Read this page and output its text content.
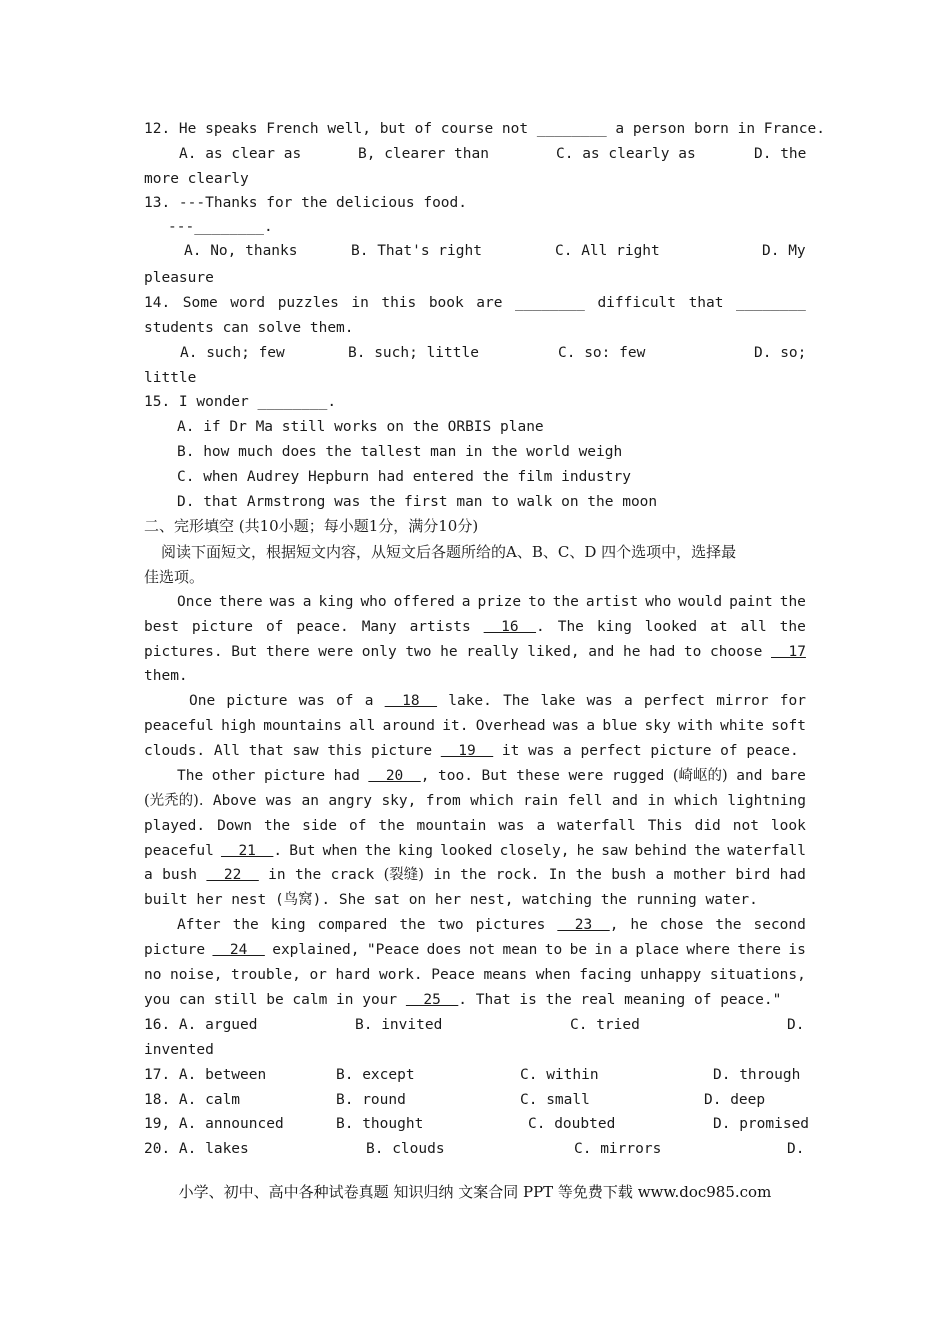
12. He speaks French well, but of course not ________ a person born in France.

A. as clear as

	B, clearer than

	C. as clearly as

	D. the

more clearly
13. ---Thanks for the delicious food.
---________.

A. No, thanks

	B. That's right

	C. All right

	D. My

pleasure
14. Some word puzzles in this book are ________ difficult that ________
students can solve them.

A. such; few

	B. such; little

	C. so: few

	D. so;

little
15. I wonder ________.
A. if Dr Ma still works on the ORBIS plane
B. how much does the tallest man in the world weigh
C. when Audrey Hepburn had entered the film industry
D. that Armstrong was the first man to walk on the moon
二、完形填空 (共10小题；每小题1分，满分10分)
阅读下面短文，根据短文内容，从短文后各题所给的A、B、C、D 四个选项中，选择最
佳选项。
Once there was a king who offered a prize to the artist who would paint the
best picture of peace. Many artists 16  . The king looked at all the
pictures. But there were only two he really liked, and he had to choose 17
them.
One picture was of a 18 lake. The lake was a perfect mirror for
peaceful high mountains all around it. Overhead was a blue sky with white soft
clouds. All that saw this picture   19   it was a perfect picture of peace.
The other picture had 20  , too. But these were rugged (崎岖的) and bare
(光秃的). Above was an angry sky, from which rain fell and in which lightning
played. Down the side of the mountain was a waterfall This did not look
peaceful 21  . But when the king looked closely, he saw behind the waterfall
a bush 22 in the crack (裂缝) in the rock. In the bush a mother bird had
built her nest (鸟窝). She sat on her nest, watching the running water.
After the king compared the two pictures 23  , he chose the second
picture 24 explained, "Peace does not mean to be in a place where there is
no noise, trouble, or hard work. Peace means when facing unhappy situations,
you can still be calm in your   25  . That is the real meaning of peace."

16. A. argued

	B. invited

	C. tried

	D.

invented

17. A. between

	B. except

	C. within

	D. through

18. A. calm

	B. round

	C. small

	D. deep

19, A. announced

	B. thought

	C. doubted

	D. promised

20. A. lakes

	B. clouds

	C. mirrors

	D.

小学、初中、高中各种试卷真题 知识归纳 文案合同 PPT 等免费下载 www.doc985.com
